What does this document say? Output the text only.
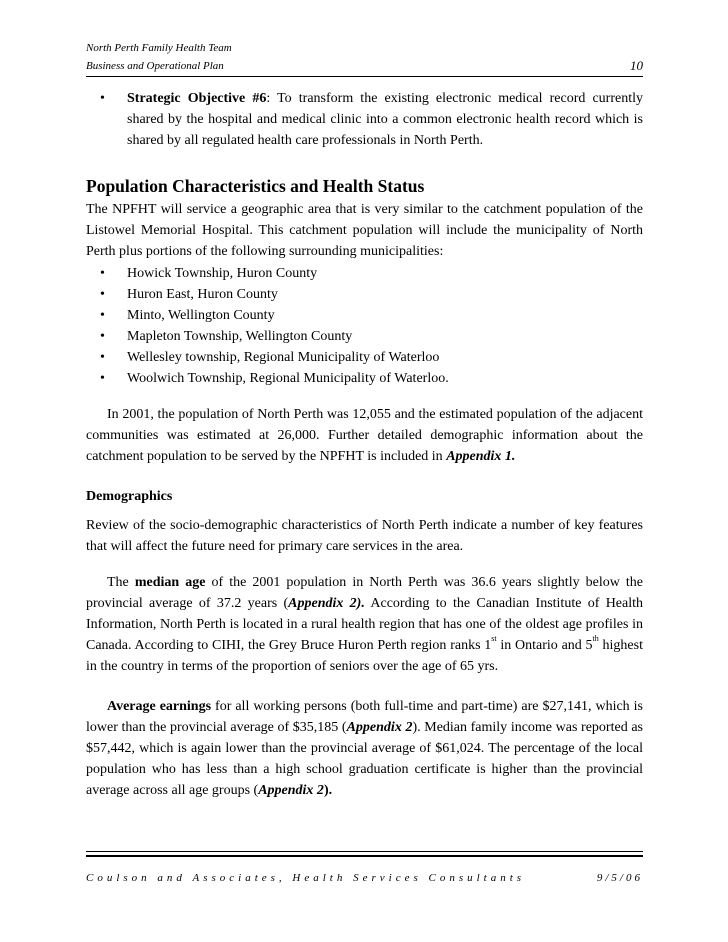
North Perth Family Health Team
Business and Operational Plan	10
• Strategic Objective #6: To transform the existing electronic medical record currently shared by the hospital and medical clinic into a common electronic health record which is shared by all regulated health care professionals in North Perth.
Population Characteristics and Health Status
The NPFHT will service a geographic area that is very similar to the catchment population of the Listowel Memorial Hospital. This catchment population will include the municipality of North Perth plus portions of the following surrounding municipalities:
• Howick Township, Huron County
• Huron East, Huron County
• Minto, Wellington County
• Mapleton Township, Wellington County
• Wellesley township, Regional Municipality of Waterloo
• Woolwich Township, Regional Municipality of Waterloo.
In 2001, the population of North Perth was 12,055 and the estimated population of the adjacent communities was estimated at 26,000. Further detailed demographic information about the catchment population to be served by the NPFHT is included in Appendix 1.
Demographics
Review of the socio-demographic characteristics of North Perth indicate a number of key features that will affect the future need for primary care services in the area.
The median age of the 2001 population in North Perth was 36.6 years slightly below the provincial average of 37.2 years (Appendix 2). According to the Canadian Institute of Health Information, North Perth is located in a rural health region that has one of the oldest age profiles in Canada. According to CIHI, the Grey Bruce Huron Perth region ranks 1st in Ontario and 5th highest in the country in terms of the proportion of seniors over the age of 65 yrs.
Average earnings for all working persons (both full-time and part-time) are $27,141, which is lower than the provincial average of $35,185 (Appendix 2). Median family income was reported as $57,442, which is again lower than the provincial average of $61,024. The percentage of the local population who has less than a high school graduation certificate is higher than the provincial average across all age groups (Appendix 2).
Coulson and Associates, Health Services Consultants	9/5/06
